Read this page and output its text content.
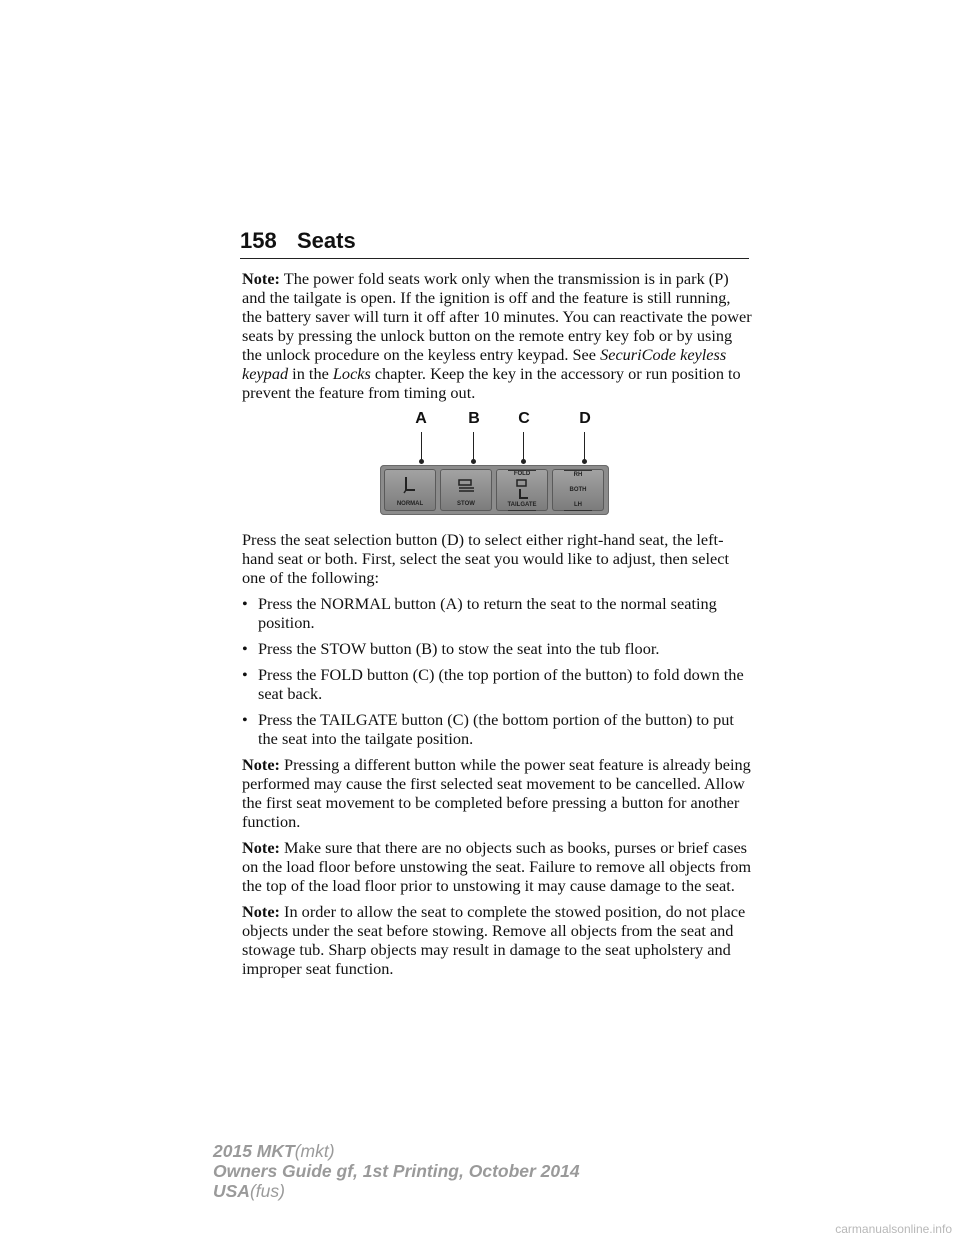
158 Seats

Note: The power fold seats work only when the transmission is in park (P) and the tailgate is open. If the ignition is off and the feature is still running, the battery saver will turn it off after 10 minutes. You can reactivate the power seats by pressing the unlock button on the remote entry key fob or by using the unlock procedure on the keyless entry keypad. See SecuriCode keyless keypad in the Locks chapter. Keep the key in the accessory or run position to prevent the feature from timing out.

A	B C	D
NORMAL	STOW
FOLD
TAILGATE
RH
BOTH
LH

Press the seat selection button (D) to select either right-hand seat, the left-hand seat or both. First, select the seat you would like to adjust, then select one of the following:

• Press the NORMAL button (A) to return the seat to the normal seating position.
• Press the STOW button (B) to stow the seat into the tub floor.
• Press the FOLD button (C) (the top portion of the button) to fold down the seat back.
• Press the TAILGATE button (C) (the bottom portion of the button) to put the seat into the tailgate position.

Note: Pressing a different button while the power seat feature is already being performed may cause the first selected seat movement to be cancelled. Allow the first seat movement to be completed before pressing a button for another function.

Note: Make sure that there are no objects such as books, purses or brief cases on the load floor before unstowing the seat. Failure to remove all objects from the top of the load floor prior to unstowing it may cause damage to the seat.

Note: In order to allow the seat to complete the stowed position, do not place objects under the seat before stowing. Remove all objects from the seat and stowage tub. Sharp objects may result in damage to the seat upholstery and improper seat function.

2015 MKT(mkt)
Owners Guide gf, 1st Printing, October 2014
USA(fus)
carmanualsonline.info
